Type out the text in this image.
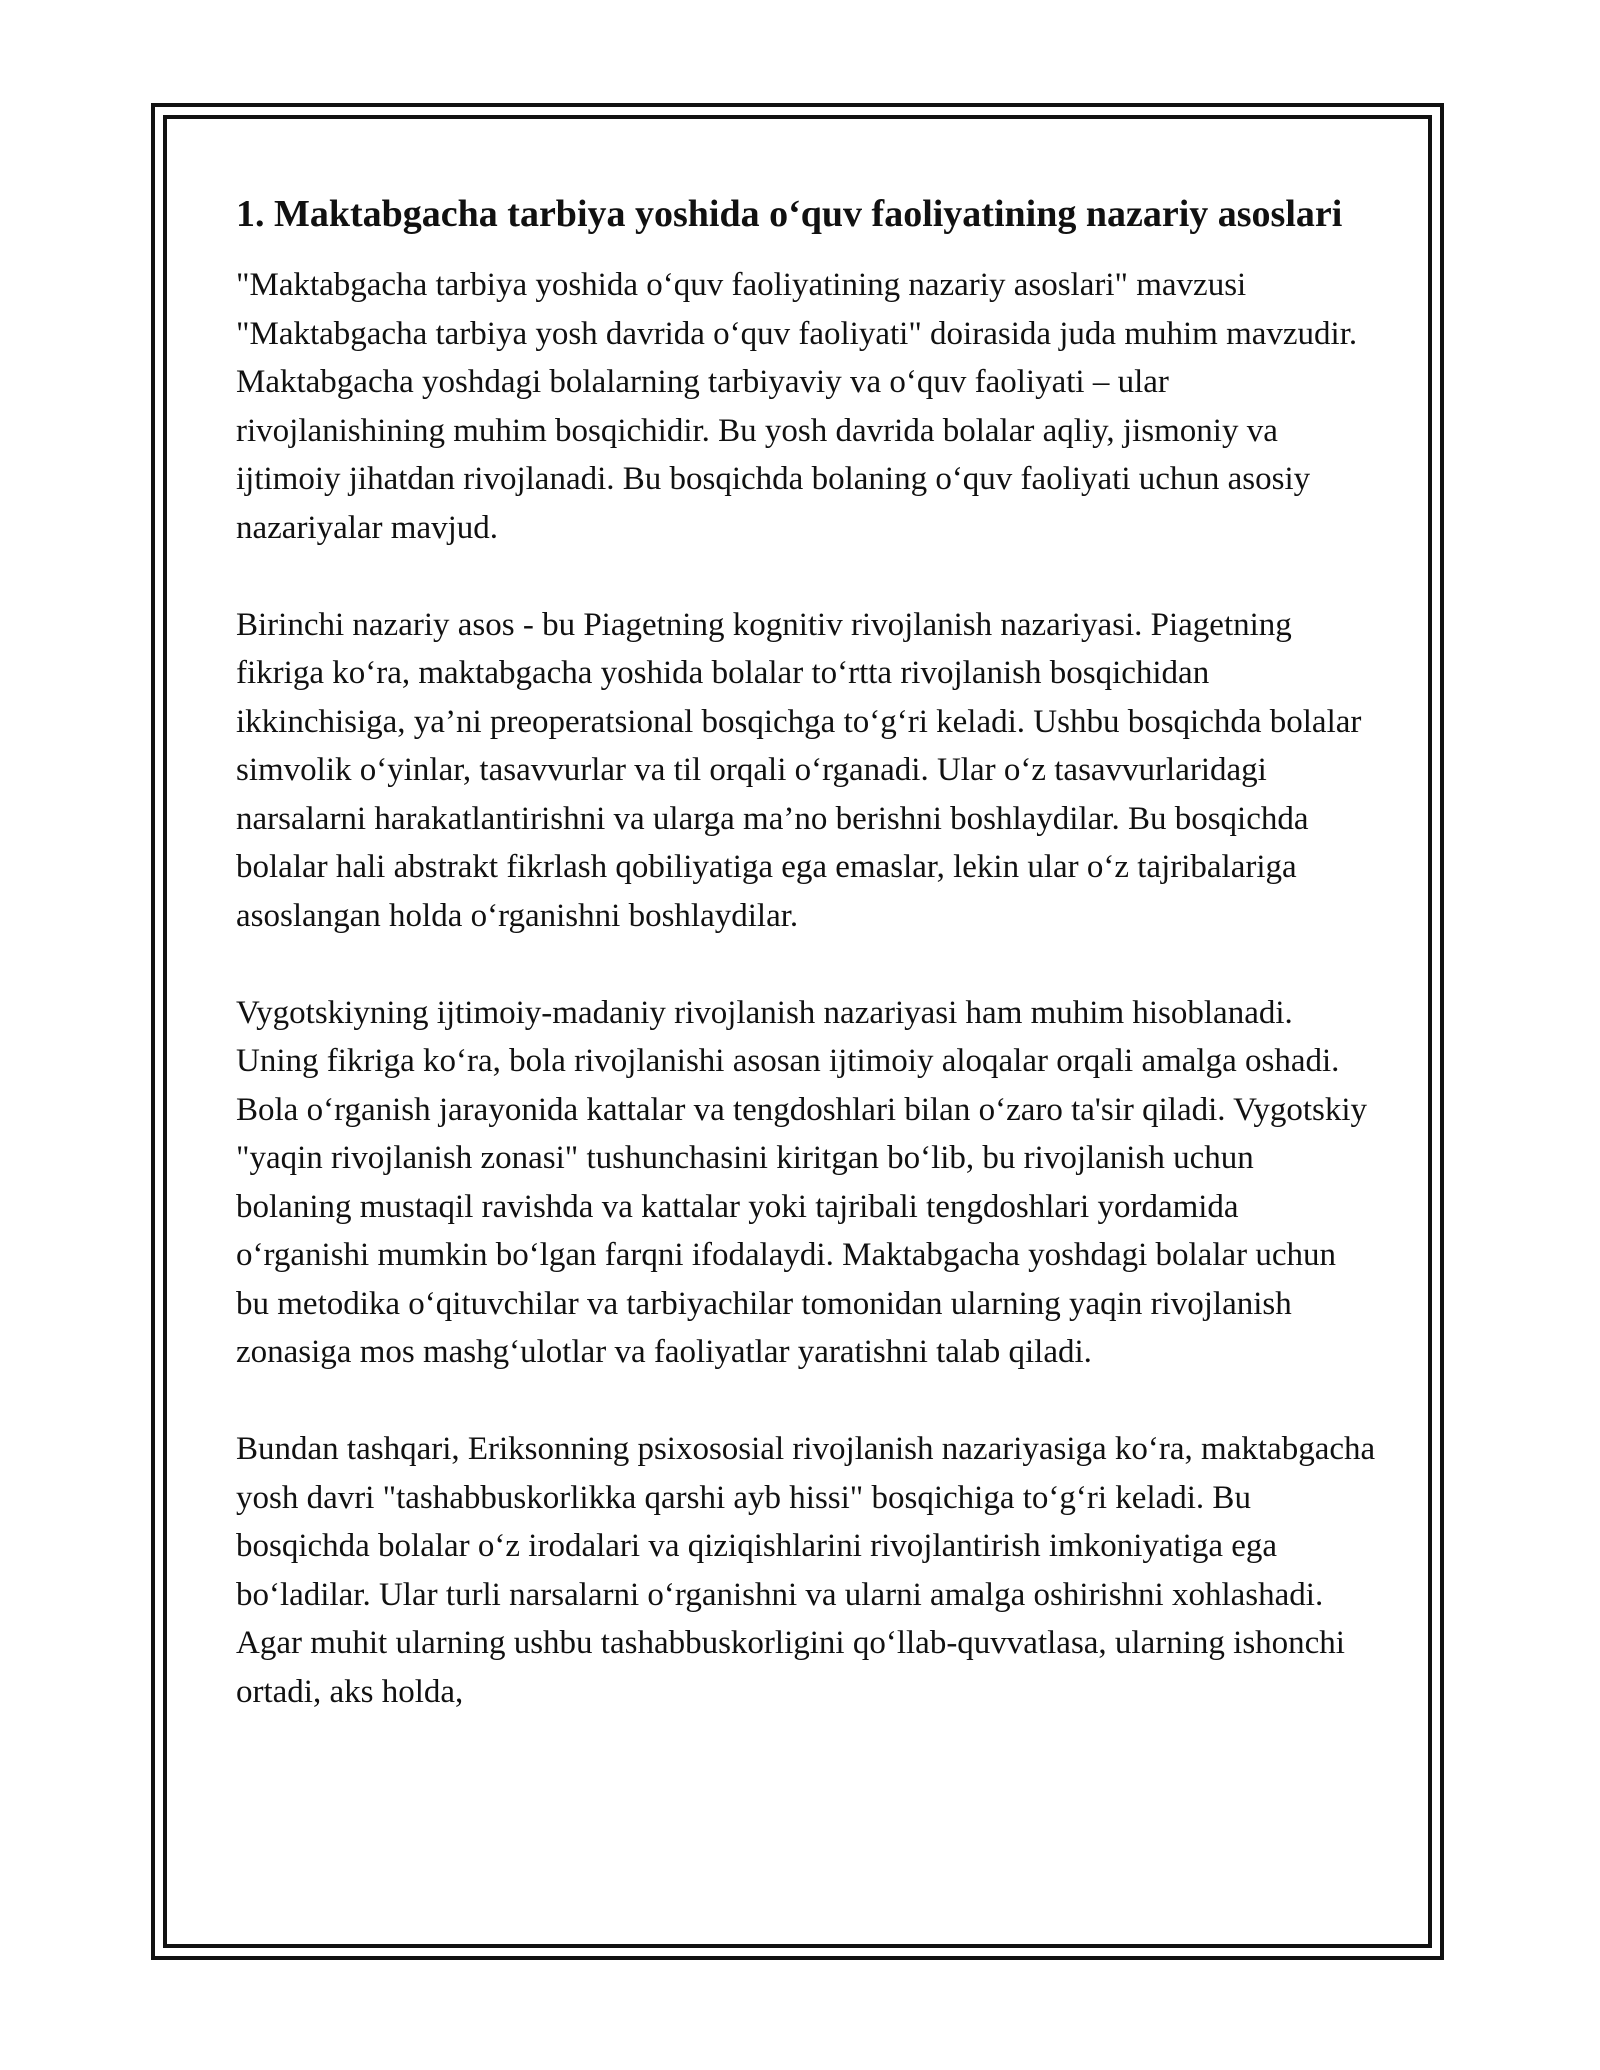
1. Maktabgacha tarbiya yoshida o‘quv faoliyatining nazariy asoslari

"Maktabgacha tarbiya yoshida o‘quv faoliyatining nazariy asoslari" mavzusi "Maktabgacha tarbiya yosh davrida o‘quv faoliyati" doirasida juda muhim mavzudir. Maktabgacha yoshdagi bolalarning tarbiyaviy va o‘quv faoliyati – ular rivojlanishining muhim bosqichidir. Bu yosh davrida bolalar aqliy, jismoniy va ijtimoiy jihatdan rivojlanadi. Bu bosqichda bolaning o‘quv faoliyati uchun asosiy nazariyalar mavjud.

Birinchi nazariy asos - bu Piagetning kognitiv rivojlanish nazariyasi. Piagetning fikriga ko‘ra, maktabgacha yoshida bolalar to‘rtta rivojlanish bosqichidan ikkinchisiga, ya’ni preoperatsional bosqichga to‘g‘ri keladi. Ushbu bosqichda bolalar simvolik o‘yinlar, tasavvurlar va til orqali o‘rganadi. Ular o‘z tasavvurlaridagi narsalarni harakatlantirishni va ularga ma’no berishni boshlaydilar. Bu bosqichda bolalar hali abstrakt fikrlash qobiliyatiga ega emaslar, lekin ular o‘z tajribalariga asoslangan holda o‘rganishni boshlaydilar.

Vygotskiyning ijtimoiy-madaniy rivojlanish nazariyasi ham muhim hisoblanadi. Uning fikriga ko‘ra, bola rivojlanishi asosan ijtimoiy aloqalar orqali amalga oshadi. Bola o‘rganish jarayonida kattalar va tengdoshlari bilan o‘zaro ta'sir qiladi. Vygotskiy "yaqin rivojlanish zonasi" tushunchasini kiritgan bo‘lib, bu rivojlanish uchun bolaning mustaqil ravishda va kattalar yoki tajribali tengdoshlari yordamida o‘rganishi mumkin bo‘lgan farqni ifodalaydi. Maktabgacha yoshdagi bolalar uchun bu metodika o‘qituvchilar va tarbiyachilar tomonidan ularning yaqin rivojlanish zonasiga mos mashg‘ulotlar va faoliyatlar yaratishni talab qiladi.

Bundan tashqari, Eriksonning psixososial rivojlanish nazariyasiga ko‘ra, maktabgacha yosh davri "tashabbuskorlikka qarshi ayb hissi" bosqichiga to‘g‘ri keladi. Bu bosqichda bolalar o‘z irodalari va qiziqishlarini rivojlantirish imkoniyatiga ega bo‘ladilar. Ular turli narsalarni o‘rganishni va ularni amalga oshirishni xohlashadi. Agar muhit ularning ushbu tashabbuskorligini qo‘llab-quvvatlasa, ularning ishonchi ortadi, aks holda,
